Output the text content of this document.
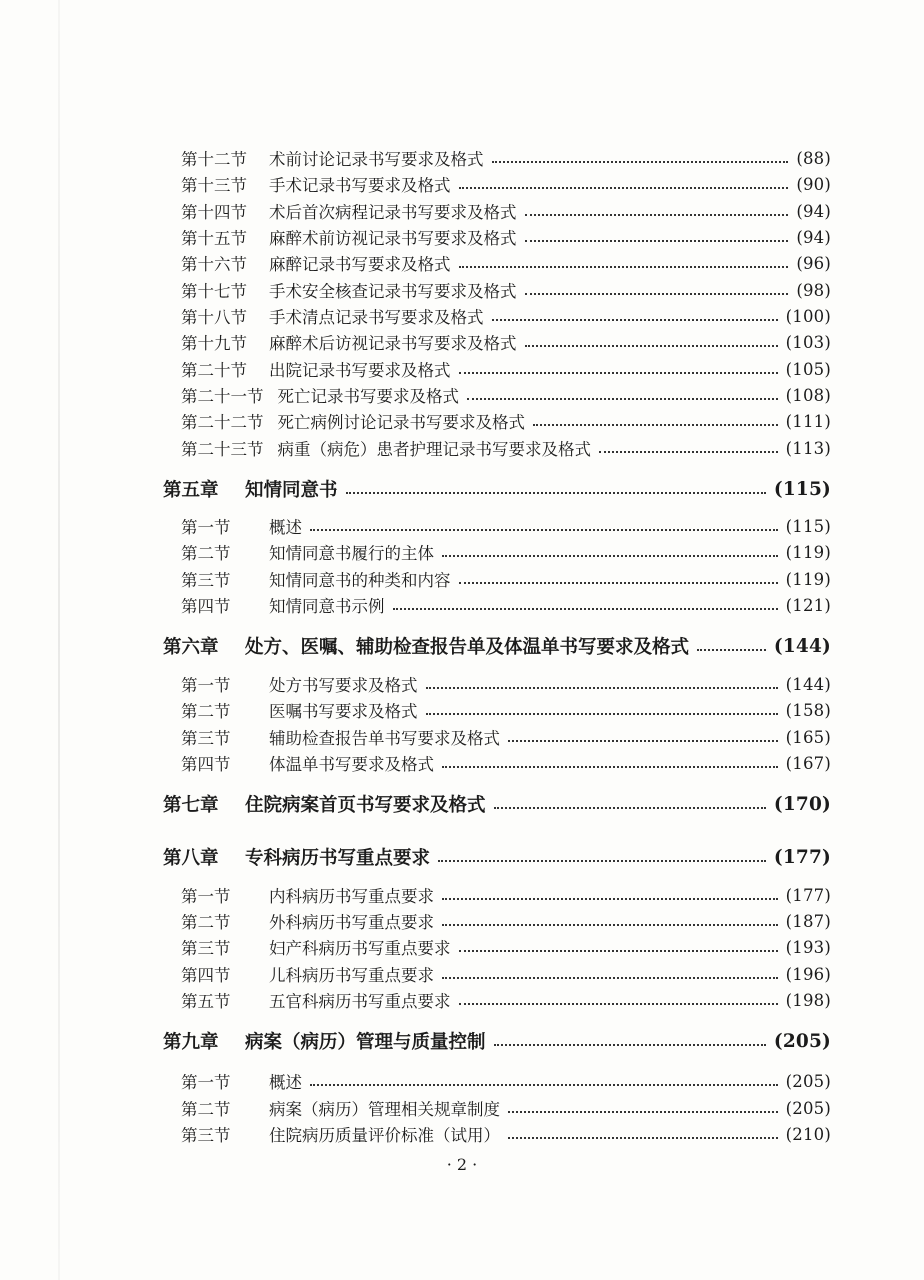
第十二节	术前讨论记录书写要求及格式	(88)
第十三节	手术记录书写要求及格式	(90)
第十四节	术后首次病程记录书写要求及格式	(94)
第十五节	麻醉术前访视记录书写要求及格式	(94)
第十六节	麻醉记录书写要求及格式	(96)
第十七节	手术安全核查记录书写要求及格式	(98)
第十八节	手术清点记录书写要求及格式	(100)
第十九节	麻醉术后访视记录书写要求及格式	(103)
第二十节	出院记录书写要求及格式	(105)
第二十一节 死亡记录书写要求及格式	(108)
第二十二节 死亡病例讨论记录书写要求及格式	(111)
第二十三节 病重（病危）患者护理记录书写要求及格式	(113)
第五章	知情同意书	(115)
第一节	概述	(115)
第二节	知情同意书履行的主体	(119)
第三节	知情同意书的种类和内容	(119)
第四节	知情同意书示例	(121)
第六章	处方、医嘱、辅助检查报告单及体温单书写要求及格式	(144)
第一节	处方书写要求及格式	(144)
第二节	医嘱书写要求及格式	(158)
第三节	辅助检查报告单书写要求及格式	(165)
第四节	体温单书写要求及格式	(167)
第七章	住院病案首页书写要求及格式	(170)
第八章	专科病历书写重点要求	(177)
第一节	内科病历书写重点要求	(177)
第二节	外科病历书写重点要求	(187)
第三节	妇产科病历书写重点要求	(193)
第四节	儿科病历书写重点要求	(196)
第五节	五官科病历书写重点要求	(198)
第九章	病案（病历）管理与质量控制	(205)
第一节	概述	(205)
第二节	病案（病历）管理相关规章制度	(205)
第三节	住院病历质量评价标准（试用）	(210)
· 2 ·
